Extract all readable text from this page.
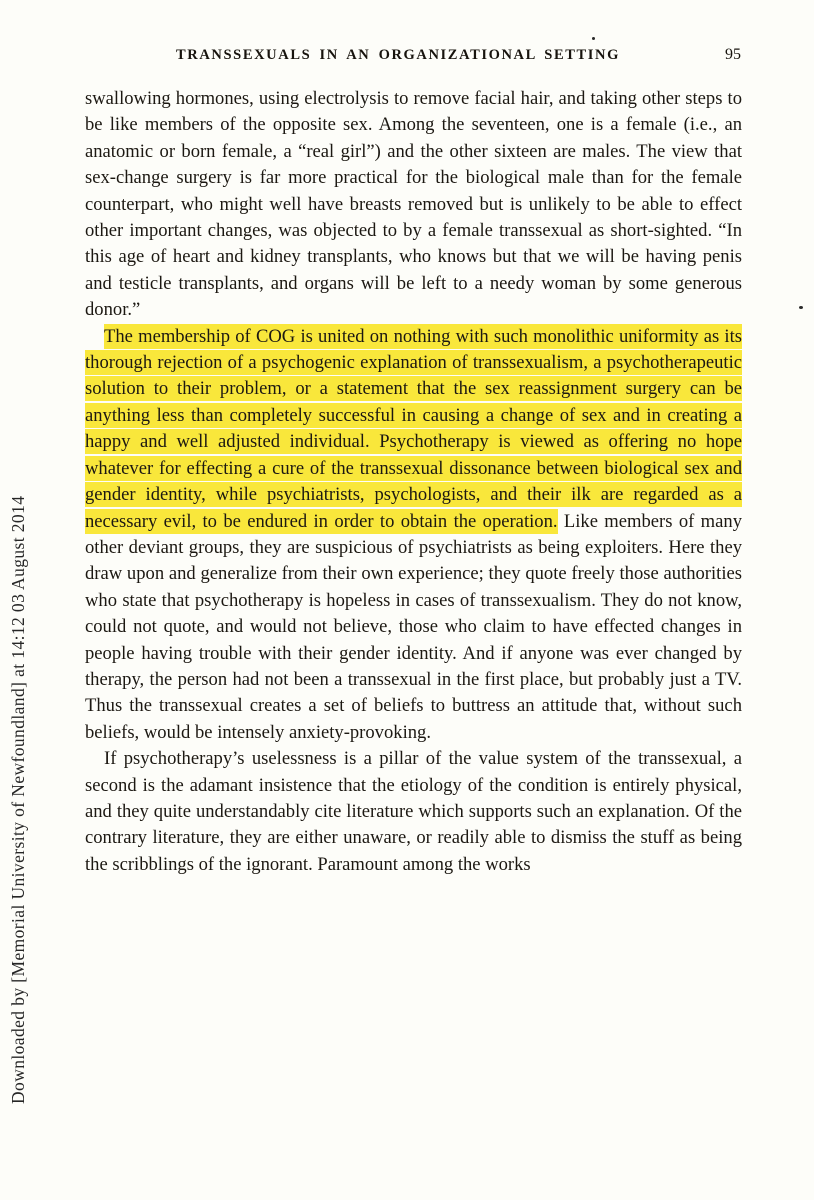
Downloaded by [Memorial University of Newfoundland] at 14:12 03 August 2014
TRANSSEXUALS IN AN ORGANIZATIONAL SETTING	95

swallowing hormones, using electrolysis to remove facial hair, and taking other steps to be like members of the opposite sex. Among the seventeen, one is a female (i.e., an anatomic or born female, a “real girl”) and the other sixteen are males. The view that sex-change surgery is far more practical for the biological male than for the female counterpart, who might well have breasts removed but is unlikely to be able to effect other important changes, was objected to by a female transsexual as short-sighted. “In this age of heart and kidney transplants, who knows but that we will be having penis and testicle transplants, and organs will be left to a needy woman by some generous donor.”

The membership of COG is united on nothing with such monolithic uniformity as its thorough rejection of a psychogenic explanation of transsexualism, a psychotherapeutic solution to their problem, or a statement that the sex reassignment surgery can be anything less than completely successful in causing a change of sex and in creating a happy and well adjusted individual. Psychotherapy is viewed as offering no hope whatever for effecting a cure of the transsexual dissonance between biological sex and gender identity, while psychiatrists, psychologists, and their ilk are regarded as a necessary evil, to be endured in order to obtain the operation. Like members of many other deviant groups, they are suspicious of psychiatrists as being exploiters. Here they draw upon and generalize from their own experience; they quote freely those authorities who state that psychotherapy is hopeless in cases of transsexualism. They do not know, could not quote, and would not believe, those who claim to have effected changes in people having trouble with their gender identity. And if anyone was ever changed by therapy, the person had not been a transsexual in the first place, but probably just a TV. Thus the transsexual creates a set of beliefs to buttress an attitude that, without such beliefs, would be intensely anxiety-provoking.

If psychotherapy’s uselessness is a pillar of the value system of the transsexual, a second is the adamant insistence that the etiology of the condition is entirely physical, and they quite understandably cite literature which supports such an explanation. Of the contrary literature, they are either unaware, or readily able to dismiss the stuff as being the scribblings of the ignorant. Paramount among the works
